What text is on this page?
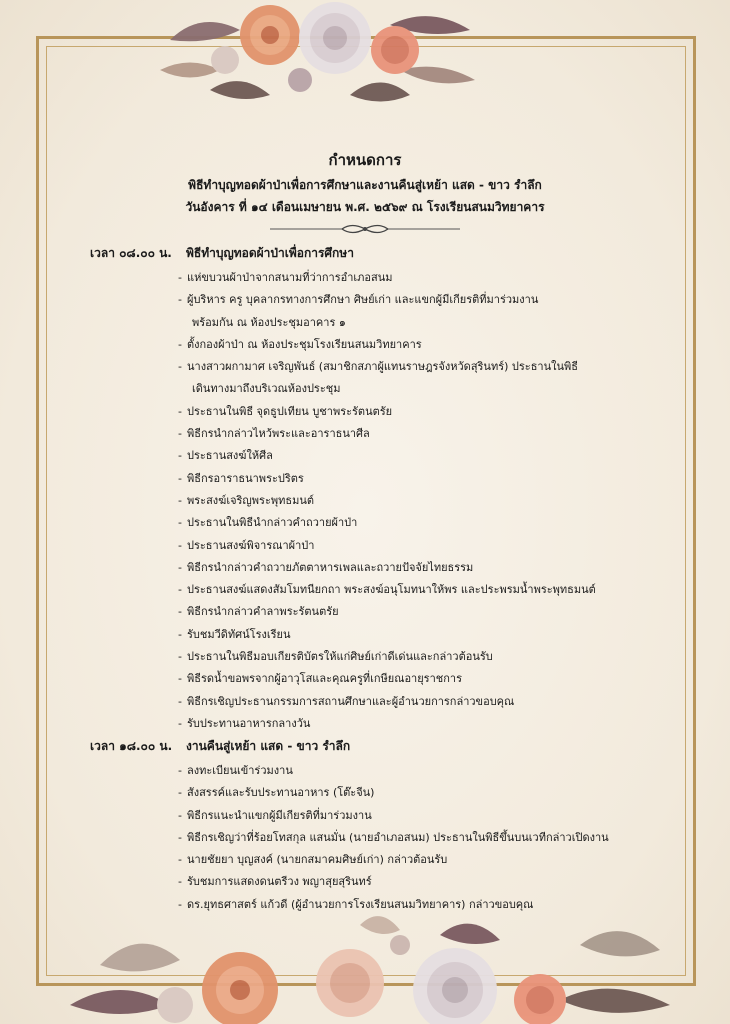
กำหนดการ
พิธีทำบุญทอดผ้าป่าเพื่อการศึกษาและงานคืนสู่เหย้า แสด - ขาว รำลึก
วันอังคาร ที่ ๑๔ เดือนเมษายน พ.ศ. ๒๕๖๙ ณ โรงเรียนสนมวิทยาคาร
เวลา ๐๘.๐๐ น. พิธีทำบุญทอดผ้าป่าเพื่อการศึกษา
- แห่ขบวนผ้าป่าจากสนามที่ว่าการอำเภอสนม
- ผู้บริหาร ครู บุคลากรทางการศึกษา ศิษย์เก่า และแขกผู้มีเกียรติที่มาร่วมงาน
พร้อมกัน ณ ห้องประชุมอาคาร ๑
- ตั้งกองผ้าป่า ณ ห้องประชุมโรงเรียนสนมวิทยาคาร
- นางสาวผกามาศ เจริญพันธ์ (สมาชิกสภาผู้แทนราษฎรจังหวัดสุรินทร์) ประธานในพิธี
เดินทางมาถึงบริเวณห้องประชุม
- ประธานในพิธี จุดธูปเทียน บูชาพระรัตนตรัย
- พิธีกรนำกล่าวไหว้พระและอาราธนาศีล
- ประธานสงฆ์ให้ศีล
- พิธีกรอาราธนาพระปริตร
- พระสงฆ์เจริญพระพุทธมนต์
- ประธานในพิธีนำกล่าวคำถวายผ้าป่า
- ประธานสงฆ์พิจารณาผ้าป่า
- พิธีกรนำกล่าวคำถวายภัตตาหารเพลและถวายปัจจัยไทยธรรม
- ประธานสงฆ์แสดงสัมโมทนียกถา พระสงฆ์อนุโมทนาให้พร และประพรมน้ำพระพุทธมนต์
- พิธีกรนำกล่าวคำลาพระรัตนตรัย
- รับชมวีดิทัศน์โรงเรียน
- ประธานในพิธีมอบเกียรติบัตรให้แก่ศิษย์เก่าดีเด่นและกล่าวต้อนรับ
- พิธีรดน้ำขอพรจากผู้อาวุโสและคุณครูที่เกษียณอายุราชการ
- พิธีกรเชิญประธานกรรมการสถานศึกษาและผู้อำนวยการกล่าวขอบคุณ
- รับประทานอาหารกลางวัน
เวลา ๑๘.๐๐ น. งานคืนสู่เหย้า แสด - ขาว รำลึก
- ลงทะเบียนเข้าร่วมงาน
- สังสรรค์และรับประทานอาหาร (โต๊ะจีน)
- พิธีกรแนะนำแขกผู้มีเกียรติที่มาร่วมงาน
- พิธีกรเชิญว่าที่ร้อยโทสกุล แสนมั่น (นายอำเภอสนม) ประธานในพิธีขึ้นบนเวทีกล่าวเปิดงาน
- นายชัยยา บุญสงค์ (นายกสมาคมศิษย์เก่า) กล่าวต้อนรับ
- รับชมการแสดงดนตรีวง พญาสุยสุรินทร์
- ดร.ยุทธศาสตร์ แก้วดี (ผู้อำนวยการโรงเรียนสนมวิทยาคาร) กล่าวขอบคุณ
